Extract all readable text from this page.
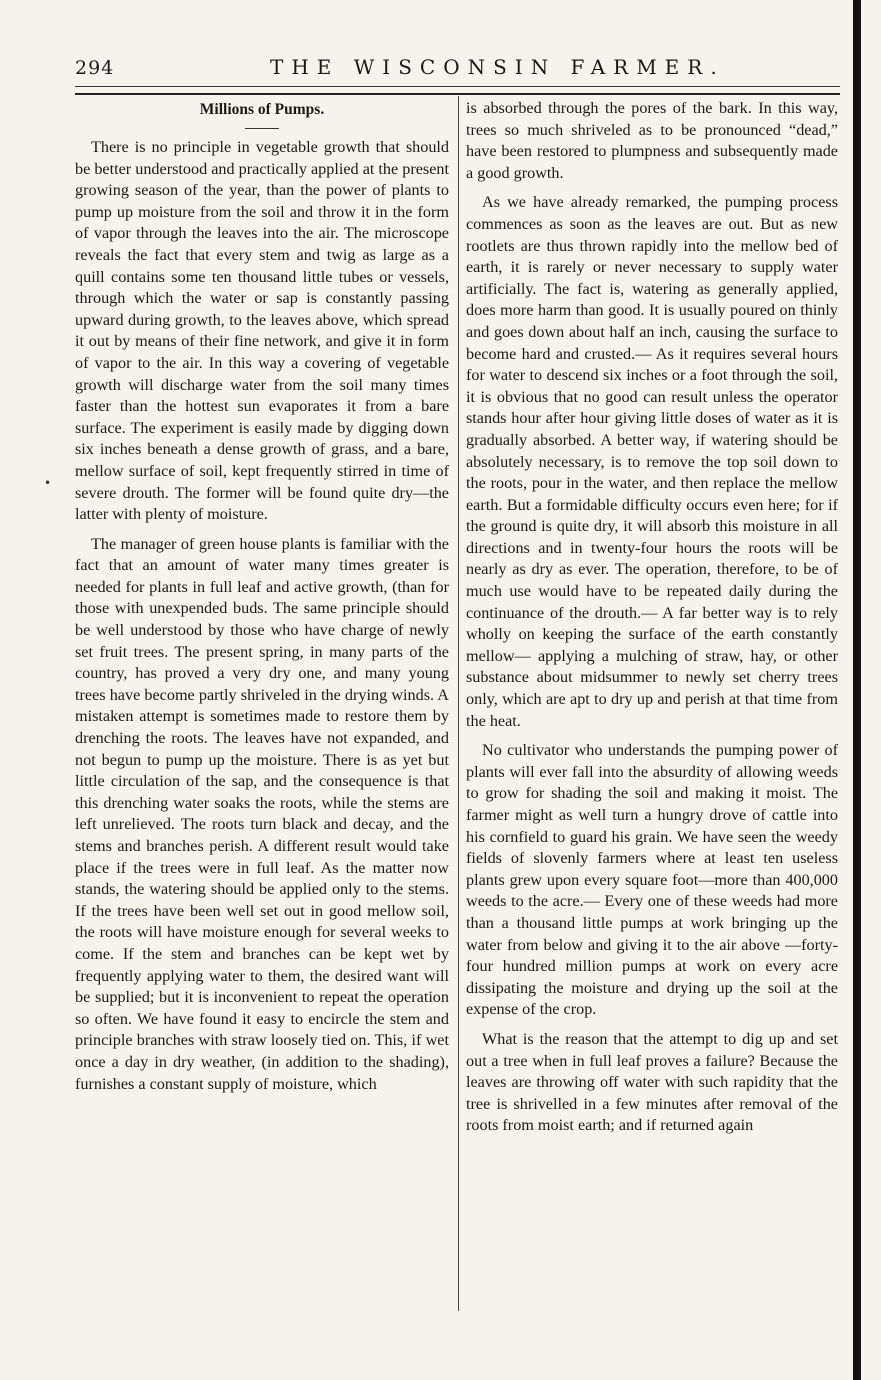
294	THE WISCONSIN FARMER.
•
Millions of Pumps.

There is no principle in vegetable growth that should be better understood and practically applied at the present growing season of the year, than the power of plants to pump up moisture from the soil and throw it in the form of vapor through the leaves into the air. The microscope reveals the fact that every stem and twig as large as a quill contains some ten thousand little tubes or vessels, through which the water or sap is constantly passing upward during growth, to the leaves above, which spread it out by means of their fine network, and give it in form of vapor to the air. In this way a covering of vegetable growth will discharge water from the soil many times faster than the hottest sun evaporates it from a bare surface. The experiment is easily made by digging down six inches beneath a dense growth of grass, and a bare, mellow surface of soil, kept frequently stirred in time of severe drouth. The former will be found quite dry—the latter with plenty of moisture.

The manager of green house plants is familiar with the fact that an amount of water many times greater is needed for plants in full leaf and active growth, (than for those with unexpended buds. The same principle should be well understood by those who have charge of newly set fruit trees. The present spring, in many parts of the country, has proved a very dry one, and many young trees have become partly shriveled in the drying winds. A mistaken attempt is sometimes made to restore them by drenching the roots. The leaves have not expanded, and not begun to pump up the moisture. There is as yet but little circulation of the sap, and the consequence is that this drenching water soaks the roots, while the stems are left unrelieved. The roots turn black and decay, and the stems and branches perish. A different result would take place if the trees were in full leaf. As the matter now stands, the watering should be applied only to the stems. If the trees have been well set out in good mellow soil, the roots will have moisture enough for several weeks to come. If the stem and branches can be kept wet by frequently applying water to them, the desired want will be supplied; but it is inconvenient to repeat the operation so often. We have found it easy to encircle the stem and principle branches with straw loosely tied on. This, if wet once a day in dry weather, (in addition to the shading), furnishes a constant supply of moisture, which

is absorbed through the pores of the bark. In this way, trees so much shriveled as to be pronounced “dead,” have been restored to plumpness and subsequently made a good growth.

As we have already remarked, the pumping process commences as soon as the leaves are out. But as new rootlets are thus thrown rapidly into the mellow bed of earth, it is rarely or never necessary to supply water artificially. The fact is, watering as generally applied, does more harm than good. It is usually poured on thinly and goes down about half an inch, causing the surface to become hard and crusted.— As it requires several hours for water to descend six inches or a foot through the soil, it is obvious that no good can result unless the operator stands hour after hour giving little doses of water as it is gradually absorbed. A better way, if watering should be absolutely necessary, is to remove the top soil down to the roots, pour in the water, and then replace the mellow earth. But a formidable difficulty occurs even here; for if the ground is quite dry, it will absorb this moisture in all directions and in twenty-four hours the roots will be nearly as dry as ever. The operation, therefore, to be of much use would have to be repeated daily during the continuance of the drouth.— A far better way is to rely wholly on keeping the surface of the earth constantly mellow— applying a mulching of straw, hay, or other substance about midsummer to newly set cherry trees only, which are apt to dry up and perish at that time from the heat.

No cultivator who understands the pumping power of plants will ever fall into the absurdity of allowing weeds to grow for shading the soil and making it moist. The farmer might as well turn a hungry drove of cattle into his cornfield to guard his grain. We have seen the weedy fields of slovenly farmers where at least ten useless plants grew upon every square foot—more than 400,000 weeds to the acre.— Every one of these weeds had more than a thousand little pumps at work bringing up the water from below and giving it to the air above —forty-four hundred million pumps at work on every acre dissipating the moisture and drying up the soil at the expense of the crop.

What is the reason that the attempt to dig up and set out a tree when in full leaf proves a failure? Because the leaves are throwing off water with such rapidity that the tree is shrivelled in a few minutes after removal of the roots from moist earth; and if returned again
